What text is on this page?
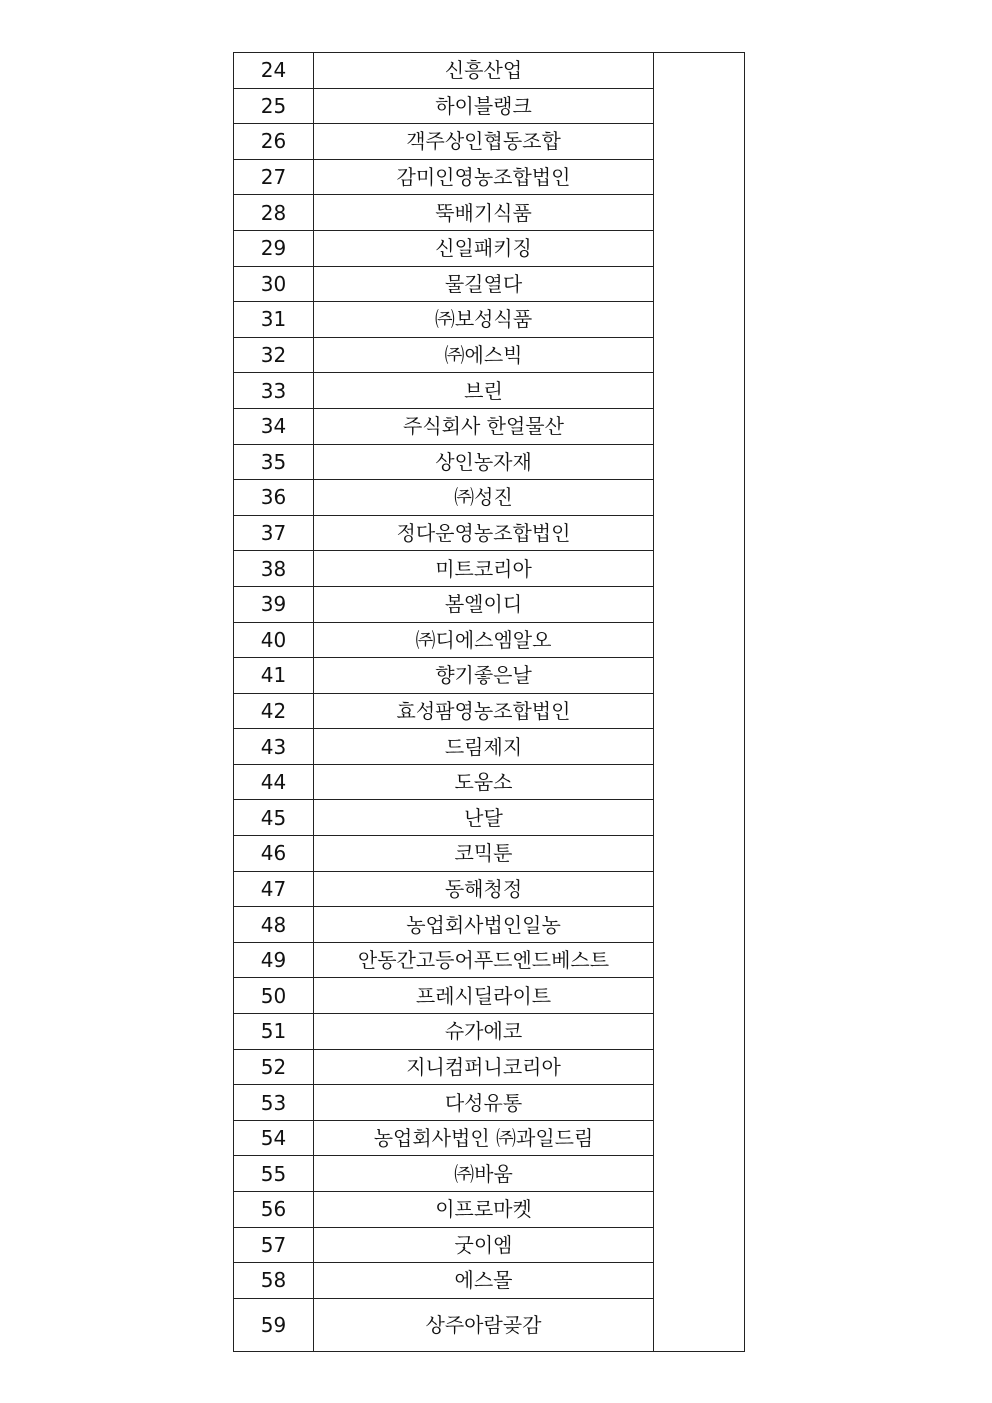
24	신흥산업	
25	하이블랭크	
26	객주상인협동조합	
27	감미인영농조합법인	
28	뚝배기식품	
29	신일패키징	
30	물길열다	
31	㈜보성식품	
32	㈜에스빅	
33	브린	
34	주식회사 한얼물산	
35	상인농자재	
36	㈜성진	
37	정다운영농조합법인	
38	미트코리아	
39	봄엘이디	
40	㈜디에스엠알오	
41	향기좋은날	
42	효성팜영농조합법인	
43	드림제지	
44	도움소	
45	난달	
46	코믹툰	
47	동해청정	
48	농업회사법인일농	
49	안동간고등어푸드엔드베스트	
50	프레시딜라이트	
51	슈가에코	
52	지니컴퍼니코리아	
53	다성유통	
54	농업회사법인 ㈜과일드림	
55	㈜바움	
56	이프로마켓	
57	굿이엠	
58	에스몰	
59	상주아람곶감	
